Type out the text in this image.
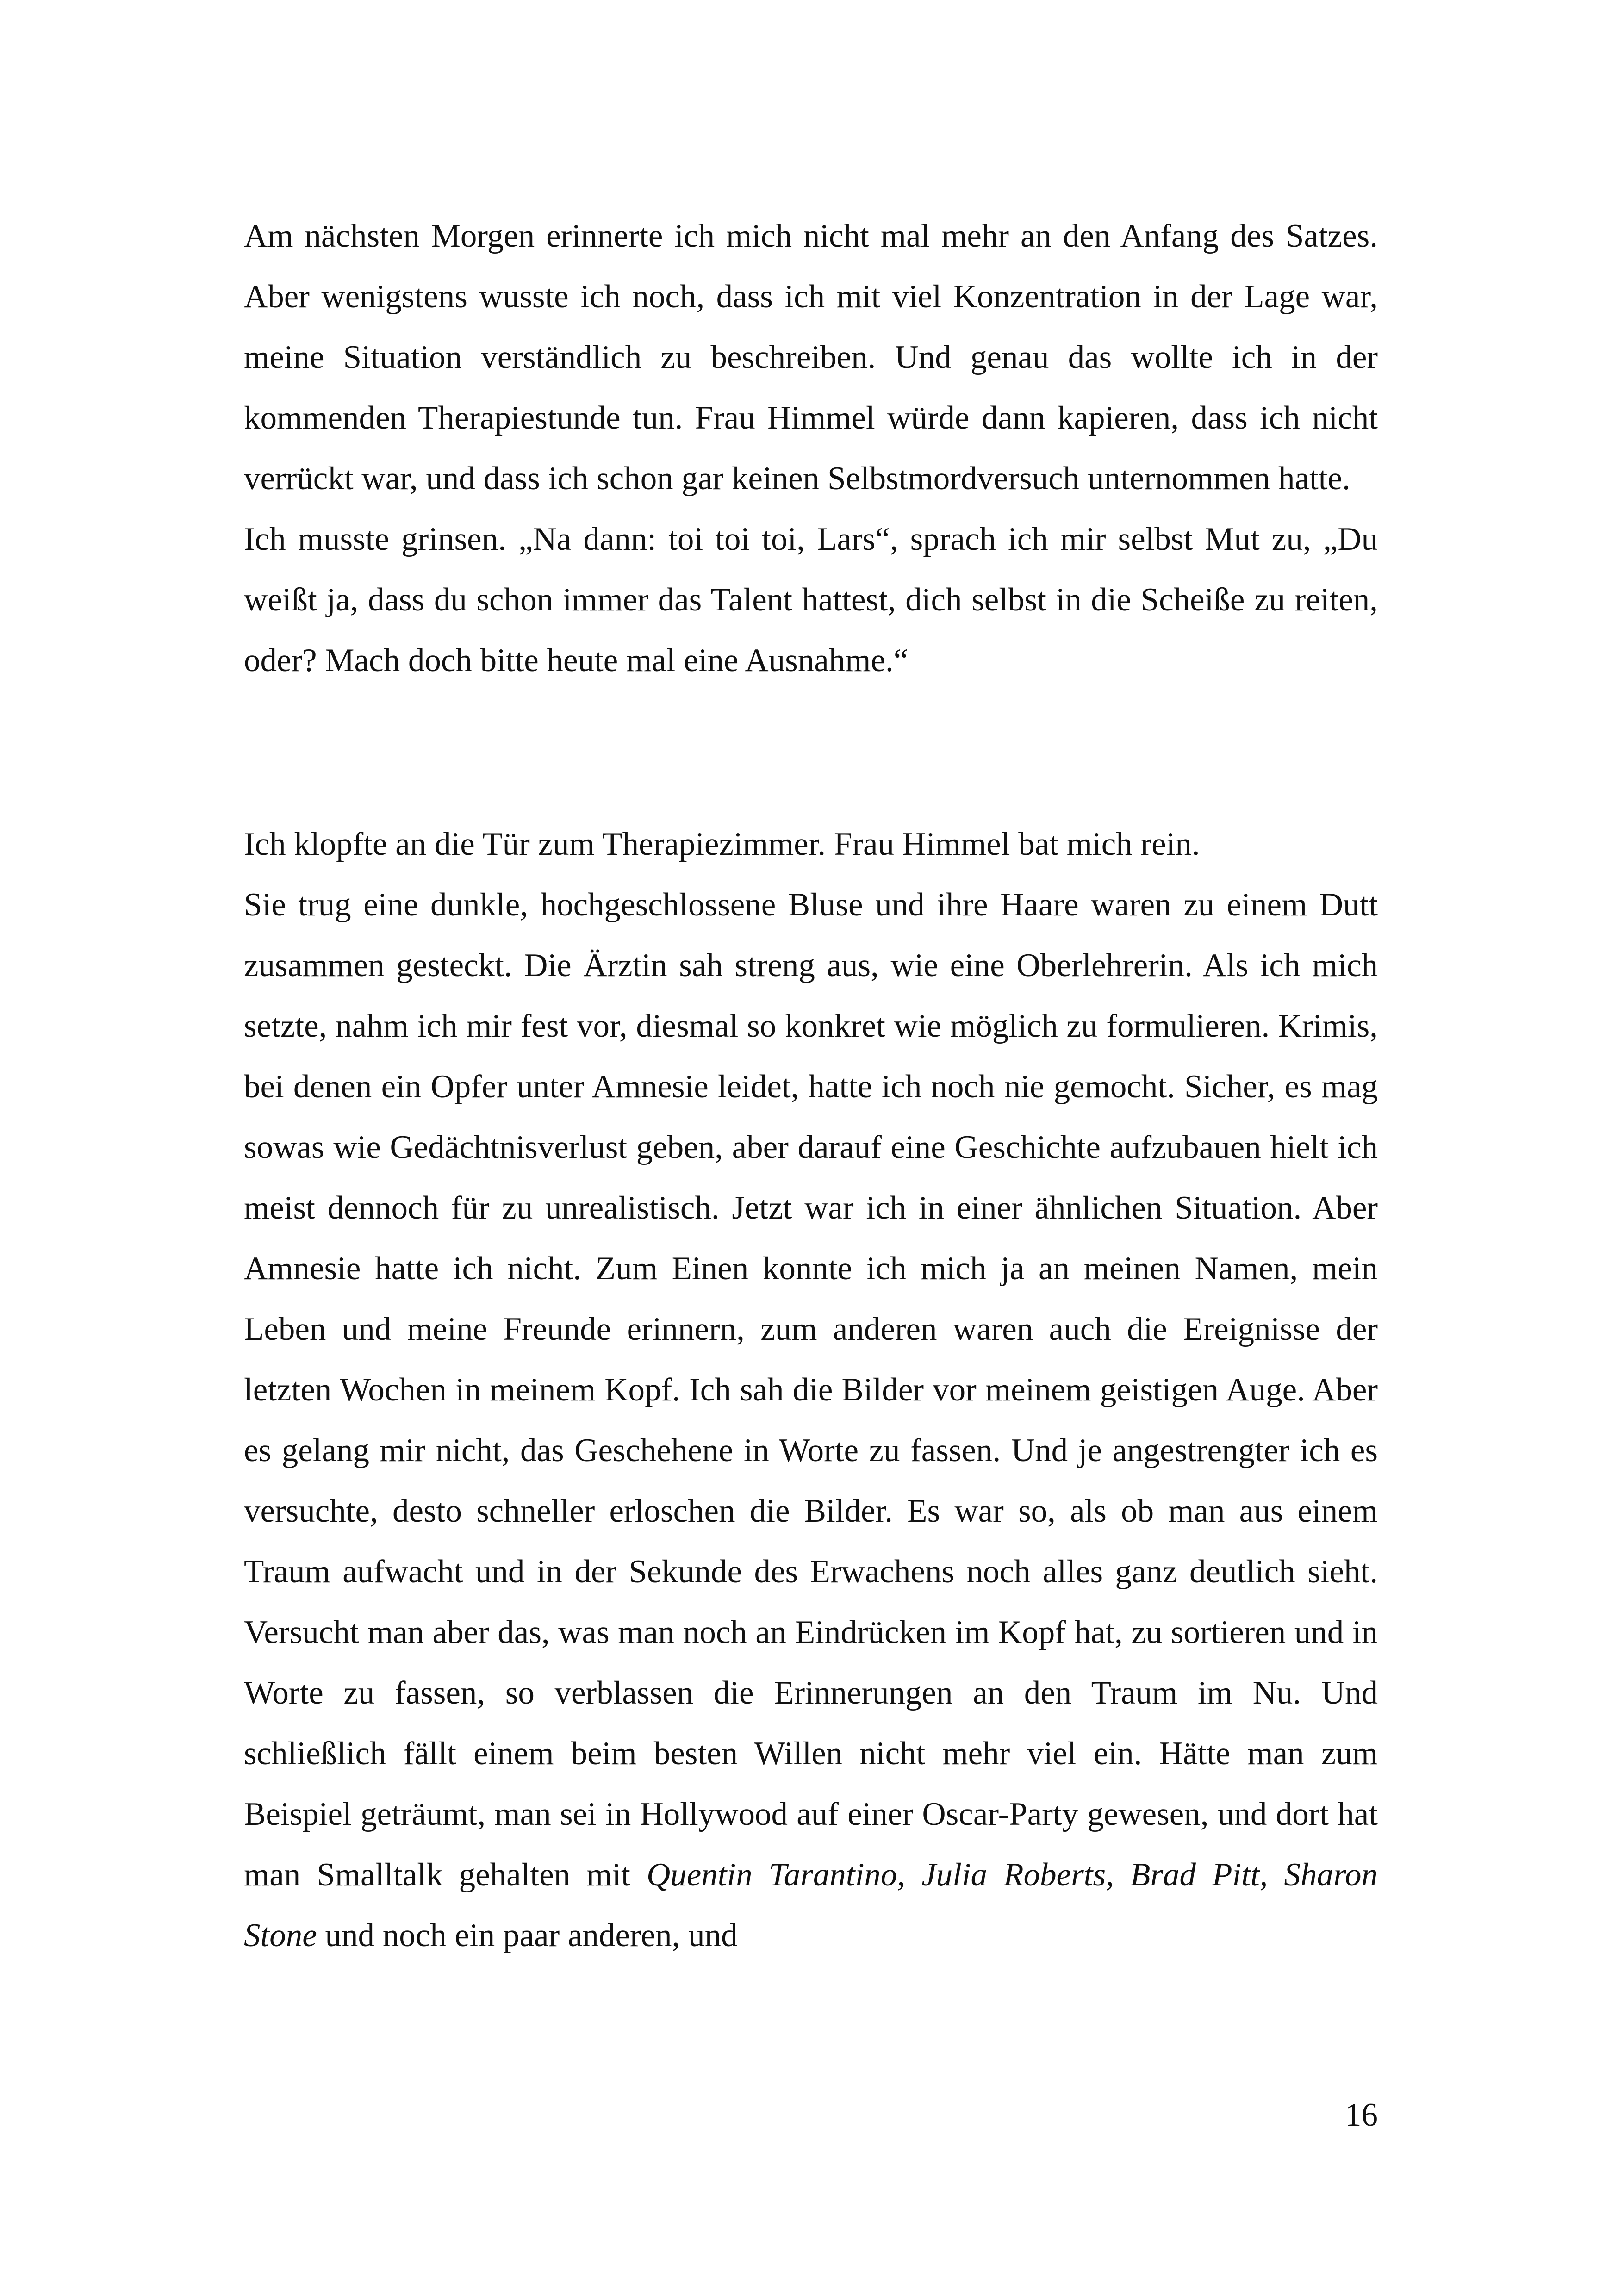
Am nächsten Morgen erinnerte ich mich nicht mal mehr an den Anfang des Satzes. Aber wenigstens wusste ich noch, dass ich mit viel Konzentration in der Lage war, meine Situation verständlich zu beschreiben. Und genau das wollte ich in der kommenden Therapiestunde tun. Frau Himmel würde dann kapieren, dass ich nicht verrückt war, und dass ich schon gar keinen Selbstmordversuch unternommen hatte.

Ich musste grinsen. „Na dann: toi toi toi, Lars“, sprach ich mir selbst Mut zu, „Du weißt ja, dass du schon immer das Talent hattest, dich selbst in die Scheiße zu reiten, oder? Mach doch bitte heute mal eine Ausnahme.“

Ich klopfte an die Tür zum Therapiezimmer. Frau Himmel bat mich rein.

Sie trug eine dunkle, hochgeschlossene Bluse und ihre Haare waren zu einem Dutt zusammen gesteckt. Die Ärztin sah streng aus, wie eine Oberlehrerin. Als ich mich setzte, nahm ich mir fest vor, diesmal so konkret wie möglich zu formulieren. Krimis, bei denen ein Opfer unter Amnesie leidet, hatte ich noch nie gemocht. Sicher, es mag sowas wie Gedächtnisverlust geben, aber darauf eine Geschichte aufzubauen hielt ich meist dennoch für zu unrealistisch. Jetzt war ich in einer ähnlichen Situation. Aber Amnesie hatte ich nicht. Zum Einen konnte ich mich ja an meinen Namen, mein Leben und meine Freunde erinnern, zum anderen waren auch die Ereignisse der letzten Wochen in meinem Kopf. Ich sah die Bilder vor meinem geistigen Auge. Aber es gelang mir nicht, das Geschehene in Worte zu fassen. Und je angestrengter ich es versuchte, desto schneller erloschen die Bilder. Es war so, als ob man aus einem Traum aufwacht und in der Sekunde des Erwachens noch alles ganz deutlich sieht. Versucht man aber das, was man noch an Eindrücken im Kopf hat, zu sortieren und in Worte zu fassen, so verblassen die Erinnerungen an den Traum im Nu. Und schließlich fällt einem beim besten Willen nicht mehr viel ein. Hätte man zum Beispiel geträumt, man sei in Hollywood auf einer Oscar-Party gewesen, und dort hat man Smalltalk gehalten mit Quentin Tarantino, Julia Roberts, Brad Pitt, Sharon Stone und noch ein paar anderen, und

16
